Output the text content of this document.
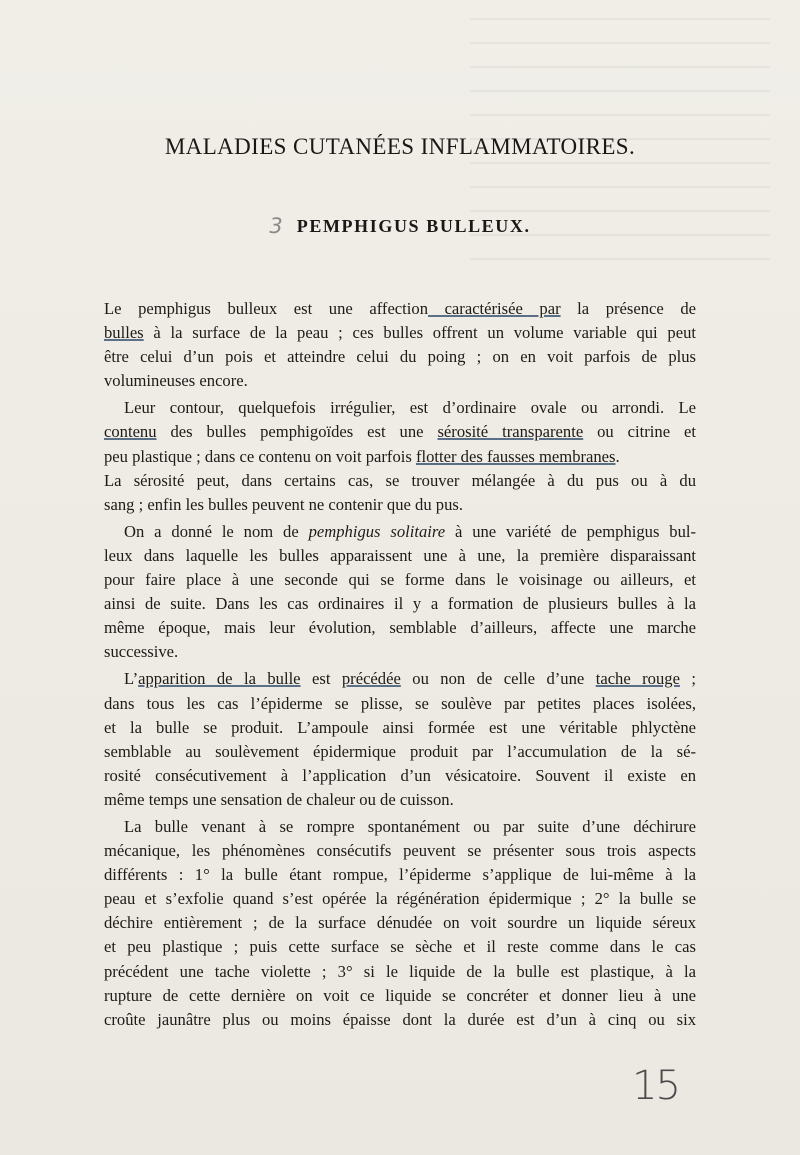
MALADIES CUTANÉES INFLAMMATOIRES.
3 PEMPHIGUS BULLEUX.
Le pemphigus bulleux est une affection caractérisée par la présence de
bulles à la surface de la peau ; ces bulles offrent un volume variable qui peut
être celui d’un pois et atteindre celui du poing ; on en voit parfois de plus
volumineuses encore.
Leur contour, quelquefois irrégulier, est d’ordinaire ovale ou arrondi. Le
contenu des bulles pemphigoïdes est une sérosité transparente ou citrine et
peu plastique ; dans ce contenu on voit parfois flotter des fausses membranes.
La sérosité peut, dans certains cas, se trouver mélangée à du pus ou à du
sang ; enfin les bulles peuvent ne contenir que du pus.
On a donné le nom de pemphigus solitaire à une variété de pemphigus bul-
leux dans laquelle les bulles apparaissent une à une, la première disparaissant
pour faire place à une seconde qui se forme dans le voisinage ou ailleurs, et
ainsi de suite. Dans les cas ordinaires il y a formation de plusieurs bulles à la
même époque, mais leur évolution, semblable d’ailleurs, affecte une marche
successive.
L’apparition de la bulle est précédée ou non de celle d’une tache rouge ;
dans tous les cas l’épiderme se plisse, se soulève par petites places isolées,
et la bulle se produit. L’ampoule ainsi formée est une véritable phlyctène
semblable au soulèvement épidermique produit par l’accumulation de la sé-
rosité consécutivement à l’application d’un vésicatoire. Souvent il existe en
même temps une sensation de chaleur ou de cuisson.
La bulle venant à se rompre spontanément ou par suite d’une déchirure
mécanique, les phénomènes consécutifs peuvent se présenter sous trois aspects
différents : 1° la bulle étant rompue, l’épiderme s’applique de lui-même à la
peau et s’exfolie quand s’est opérée la régénération épidermique ; 2° la bulle se
déchire entièrement ; de la surface dénudée on voit sourdre un liquide séreux
et peu plastique ; puis cette surface se sèche et il reste comme dans le cas
précédent une tache violette ; 3° si le liquide de la bulle est plastique, à la
rupture de cette dernière on voit ce liquide se concréter et donner lieu à une
croûte jaunâtre plus ou moins épaisse dont la durée est d’un à cinq ou six
15
